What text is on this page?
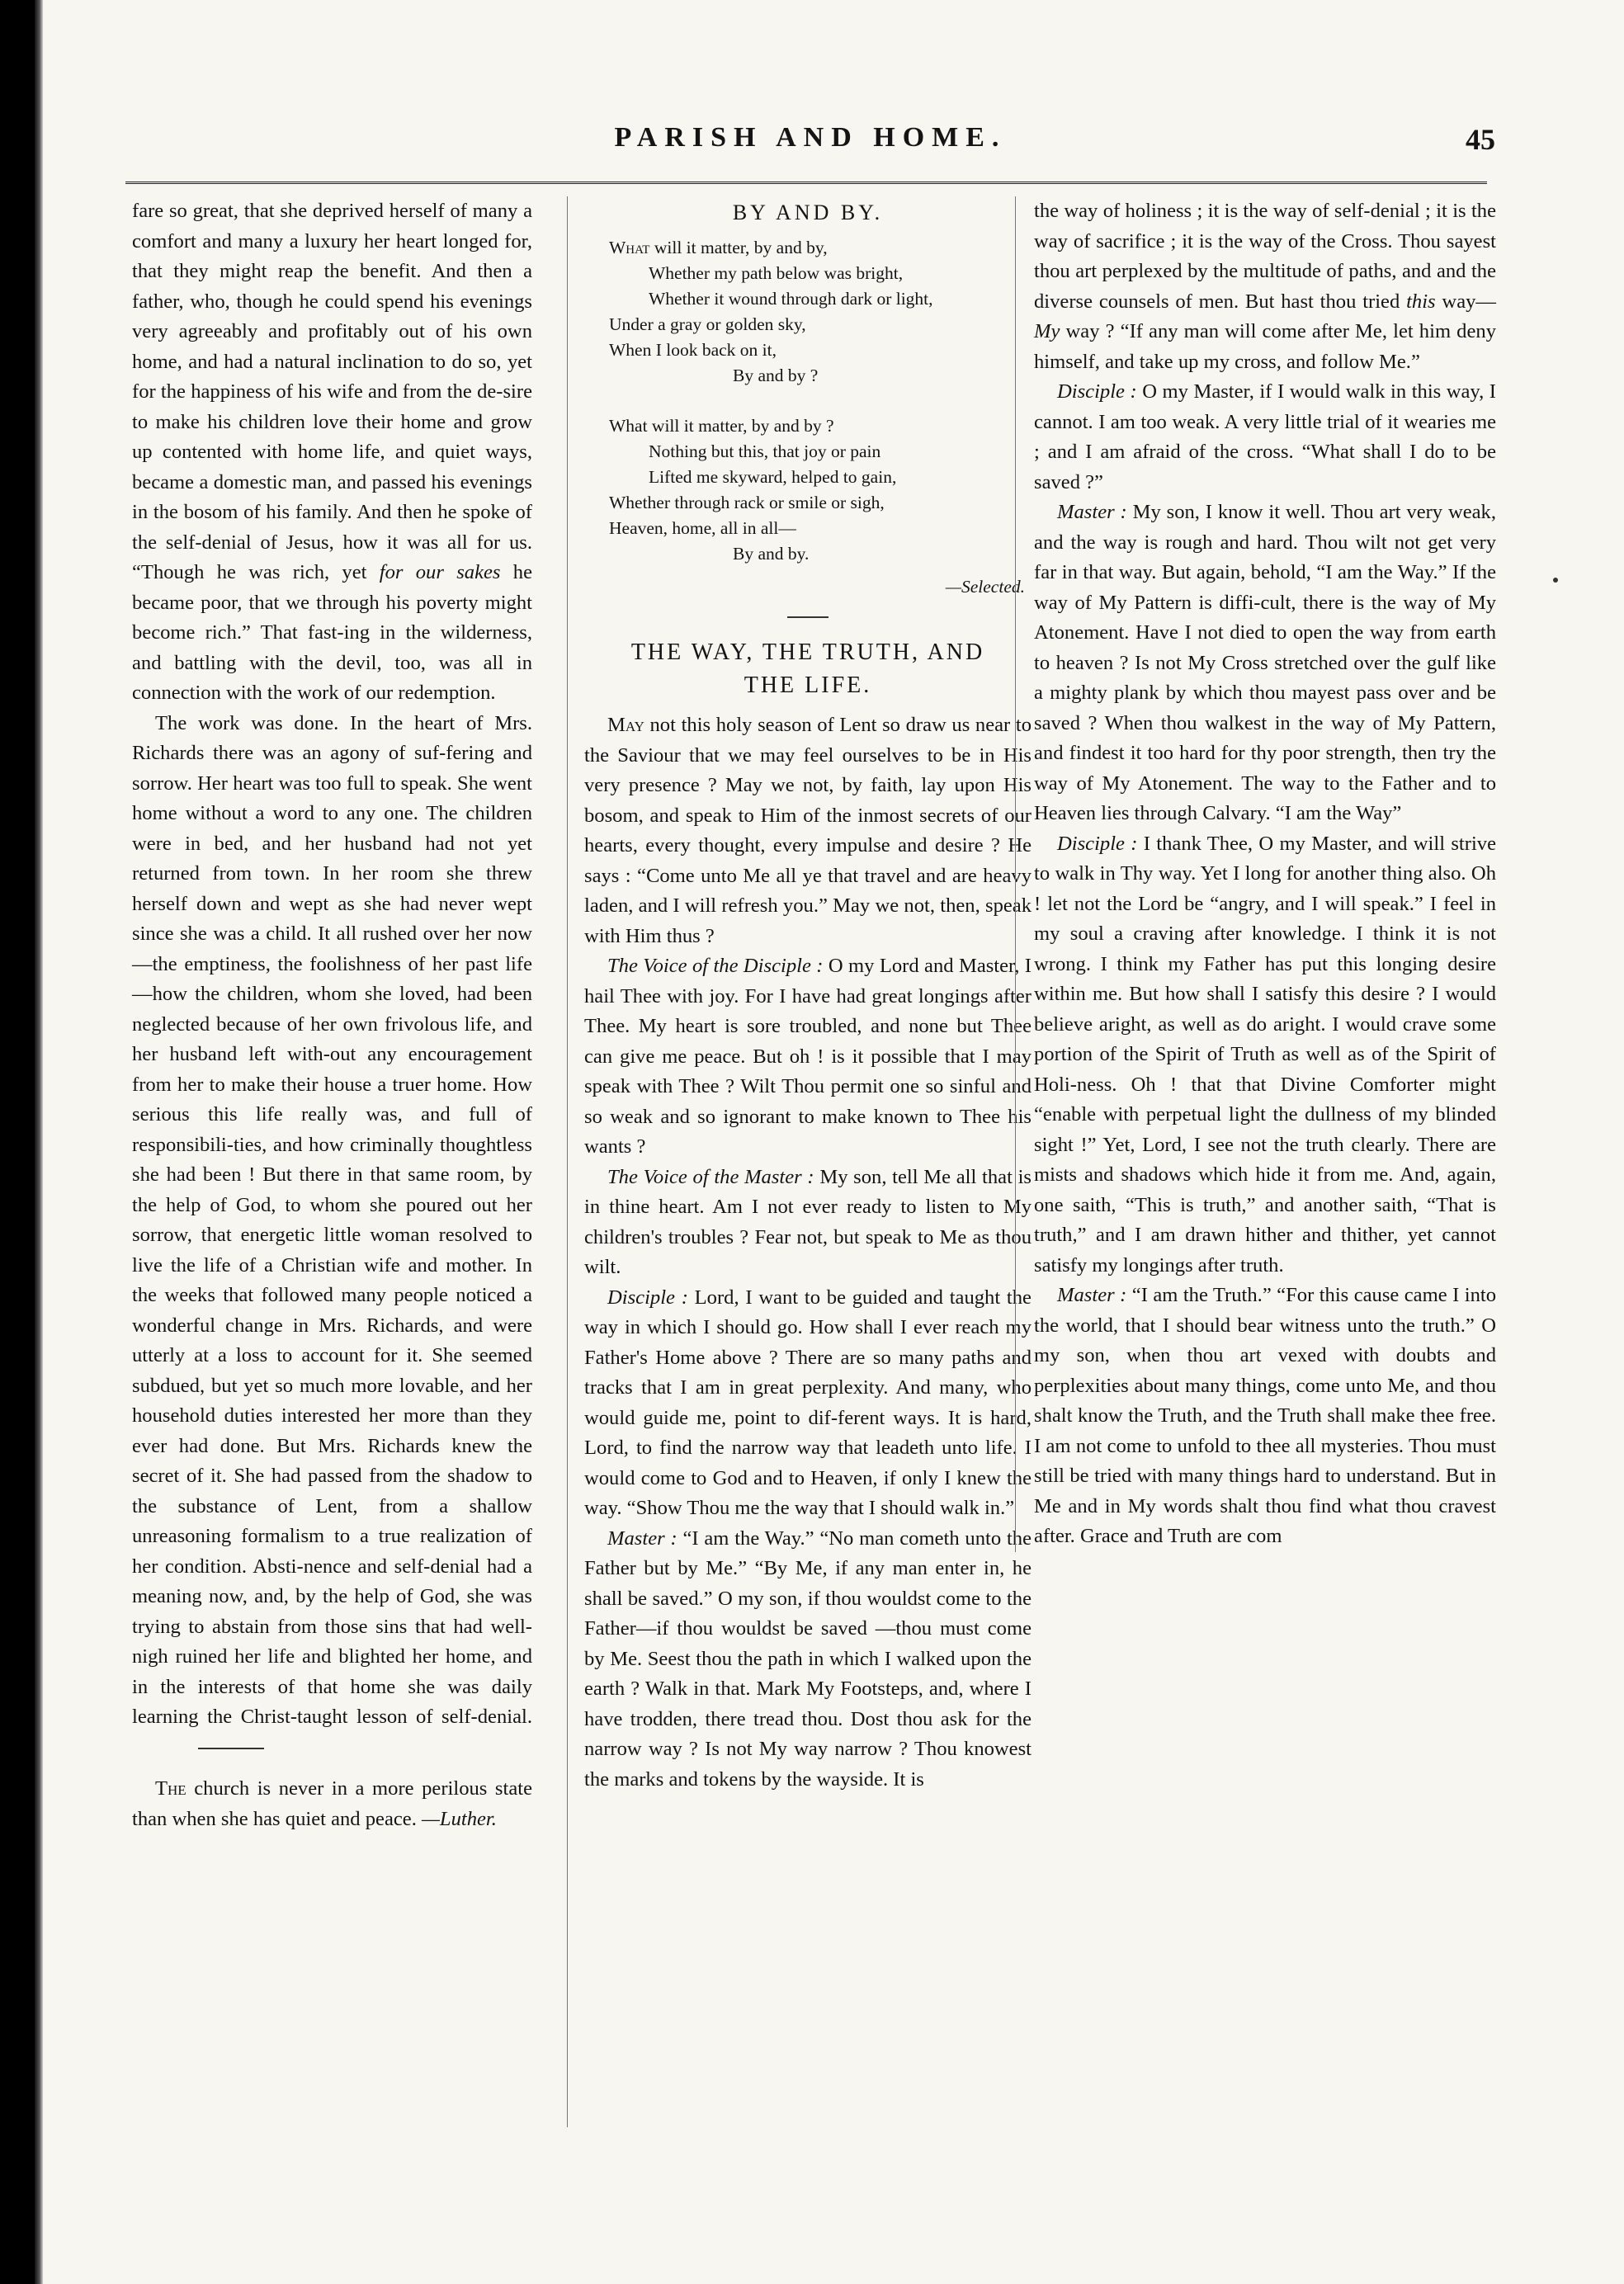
PARISH AND HOME.	45

fare so great, that she deprived herself of many a comfort and many a luxury her heart longed for, that they might reap the benefit. And then a father, who, though he could spend his evenings very agreeably and profitably out of his own home, and had a natural inclination to do so, yet for the happiness of his wife and from the de-sire to make his children love their home and grow up contented with home life, and quiet ways, became a domestic man, and passed his evenings in the bosom of his family. And then he spoke of the self-denial of Jesus, how it was all for us. “Though he was rich, yet for our sakes he became poor, that we through his poverty might become rich.” That fast-ing in the wilderness, and battling with the devil, too, was all in connection with the work of our redemption.

The work was done. In the heart of Mrs. Richards there was an agony of suf-fering and sorrow. Her heart was too full to speak. She went home without a word to any one. The children were in bed, and her husband had not yet returned from town. In her room she threw herself down and wept as she had never wept since she was a child. It all rushed over her now—the emptiness, the foolishness of her past life—how the children, whom she loved, had been neglected because of her own frivolous life, and her husband left with-out any encouragement from her to make their house a truer home. How serious this life really was, and full of responsibili-ties, and how criminally thoughtless she had been ! But there in that same room, by the help of God, to whom she poured out her sorrow, that energetic little woman resolved to live the life of a Christian wife and mother. In the weeks that followed many people noticed a wonderful change in Mrs. Richards, and were utterly at a loss to account for it. She seemed subdued, but yet so much more lovable, and her household duties interested her more than they ever had done. But Mrs. Richards knew the secret of it. She had passed from the shadow to the substance of Lent, from a shallow unreasoning formalism to a true realization of her condition. Absti-nence and self-denial had a meaning now, and, by the help of God, she was trying to abstain from those sins that had well-nigh ruined her life and blighted her home, and in the interests of that home she was daily learning the Christ-taught lesson of self-denial.

The church is never in a more perilous state than when she has quiet and peace. —Luther.

BY AND BY.
What will it matter, by and by,
Whether my path below was bright,
Whether it wound through dark or light,
Under a gray or golden sky,
When I look back on it,
By and by ?
What will it matter, by and by ?
Nothing but this, that joy or pain
Lifted me skyward, helped to gain,
Whether through rack or smile or sigh,
Heaven, home, all in all—
By and by.
—Selected.
THE WAY, THE TRUTH, AND
THE LIFE.

May not this holy season of Lent so draw us near to the Saviour that we may feel ourselves to be in His very presence ? May we not, by faith, lay upon His bosom, and speak to Him of the inmost secrets of our hearts, every thought, every impulse and desire ? He says : “Come unto Me all ye that travel and are heavy laden, and I will refresh you.” May we not, then, speak with Him thus ?

The Voice of the Disciple : O my Lord and Master, I hail Thee with joy. For I have had great longings after Thee. My heart is sore troubled, and none but Thee can give me peace. But oh ! is it possible that I may speak with Thee ? Wilt Thou permit one so sinful and so weak and so ignorant to make known to Thee his wants ?

The Voice of the Master : My son, tell Me all that is in thine heart. Am I not ever ready to listen to My children's troubles ? Fear not, but speak to Me as thou wilt.

Disciple : Lord, I want to be guided and taught the way in which I should go. How shall I ever reach my Father's Home above ? There are so many paths and tracks that I am in great perplexity. And many, who would guide me, point to dif-ferent ways. It is hard, Lord, to find the narrow way that leadeth unto life. I would come to God and to Heaven, if only I knew the way. “Show Thou me the way that I should walk in.”

Master : “I am the Way.” “No man cometh unto the Father but by Me.” “By Me, if any man enter in, he shall be saved.” O my son, if thou wouldst come to the Father—if thou wouldst be saved —thou must come by Me. Seest thou the path in which I walked upon the earth ? Walk in that. Mark My Footsteps, and, where I have trodden, there tread thou. Dost thou ask for the narrow way ? Is not My way narrow ? Thou knowest the marks and tokens by the wayside. It is

the way of holiness ; it is the way of self-denial ; it is the way of sacrifice ; it is the way of the Cross. Thou sayest thou art perplexed by the multitude of paths, and and the diverse counsels of men. But hast thou tried this way—My way ? “If any man will come after Me, let him deny himself, and take up my cross, and follow Me.”

Disciple : O my Master, if I would walk in this way, I cannot. I am too weak. A very little trial of it wearies me ; and I am afraid of the cross. “What shall I do to be saved ?”

Master : My son, I know it well. Thou art very weak, and the way is rough and hard. Thou wilt not get very far in that way. But again, behold, “I am the Way.” If the way of My Pattern is diffi-cult, there is the way of My Atonement. Have I not died to open the way from earth to heaven ? Is not My Cross stretched over the gulf like a mighty plank by which thou mayest pass over and be saved ? When thou walkest in the way of My Pattern, and findest it too hard for thy poor strength, then try the way of My Atonement. The way to the Father and to Heaven lies through Calvary. “I am the Way”

Disciple : I thank Thee, O my Master, and will strive to walk in Thy way. Yet I long for another thing also. Oh ! let not the Lord be “angry, and I will speak.” I feel in my soul a craving after knowledge. I think it is not wrong. I think my Father has put this longing desire within me. But how shall I satisfy this desire ? I would believe aright, as well as do aright. I would crave some portion of the Spirit of Truth as well as of the Spirit of Holi-ness. Oh ! that that Divine Comforter might “enable with perpetual light the dullness of my blinded sight !” Yet, Lord, I see not the truth clearly. There are mists and shadows which hide it from me. And, again, one saith, “This is truth,” and another saith, “That is truth,” and I am drawn hither and thither, yet cannot satisfy my longings after truth.

Master : “I am the Truth.” “For this cause came I into the world, that I should bear witness unto the truth.” O my son, when thou art vexed with doubts and perplexities about many things, come unto Me, and thou shalt know the Truth, and the Truth shall make thee free. I am not come to unfold to thee all mysteries. Thou must still be tried with many things hard to understand. But in Me and in My words shalt thou find what thou cravest after. Grace and Truth are com
